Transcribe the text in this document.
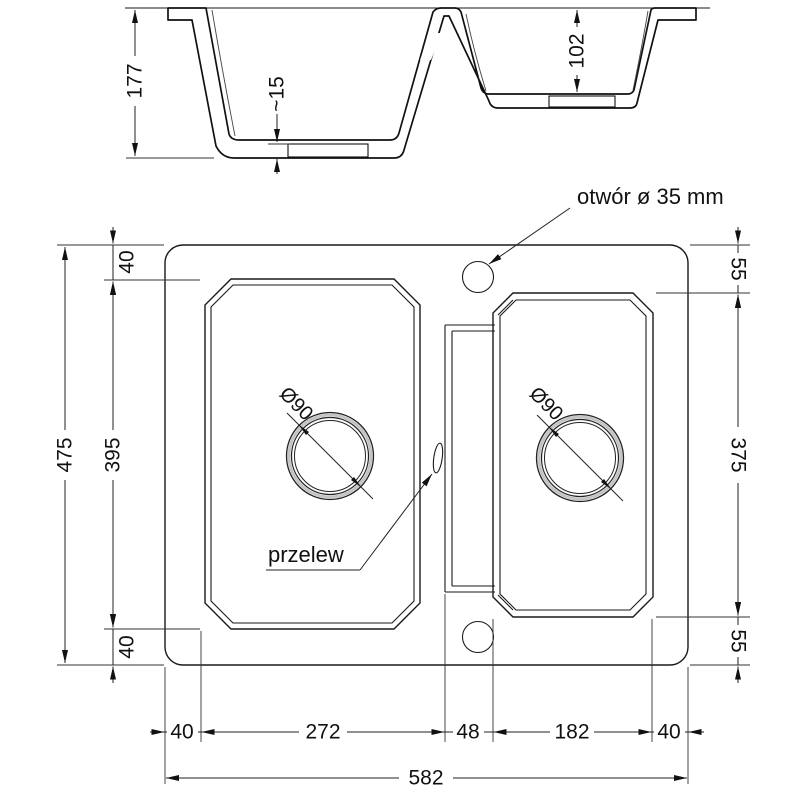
177	~15
102
Ø90	Ø90
przelew
otwór ø 35 mm
475
40
395
40
55
375
55
40	272	48	182	40
582
